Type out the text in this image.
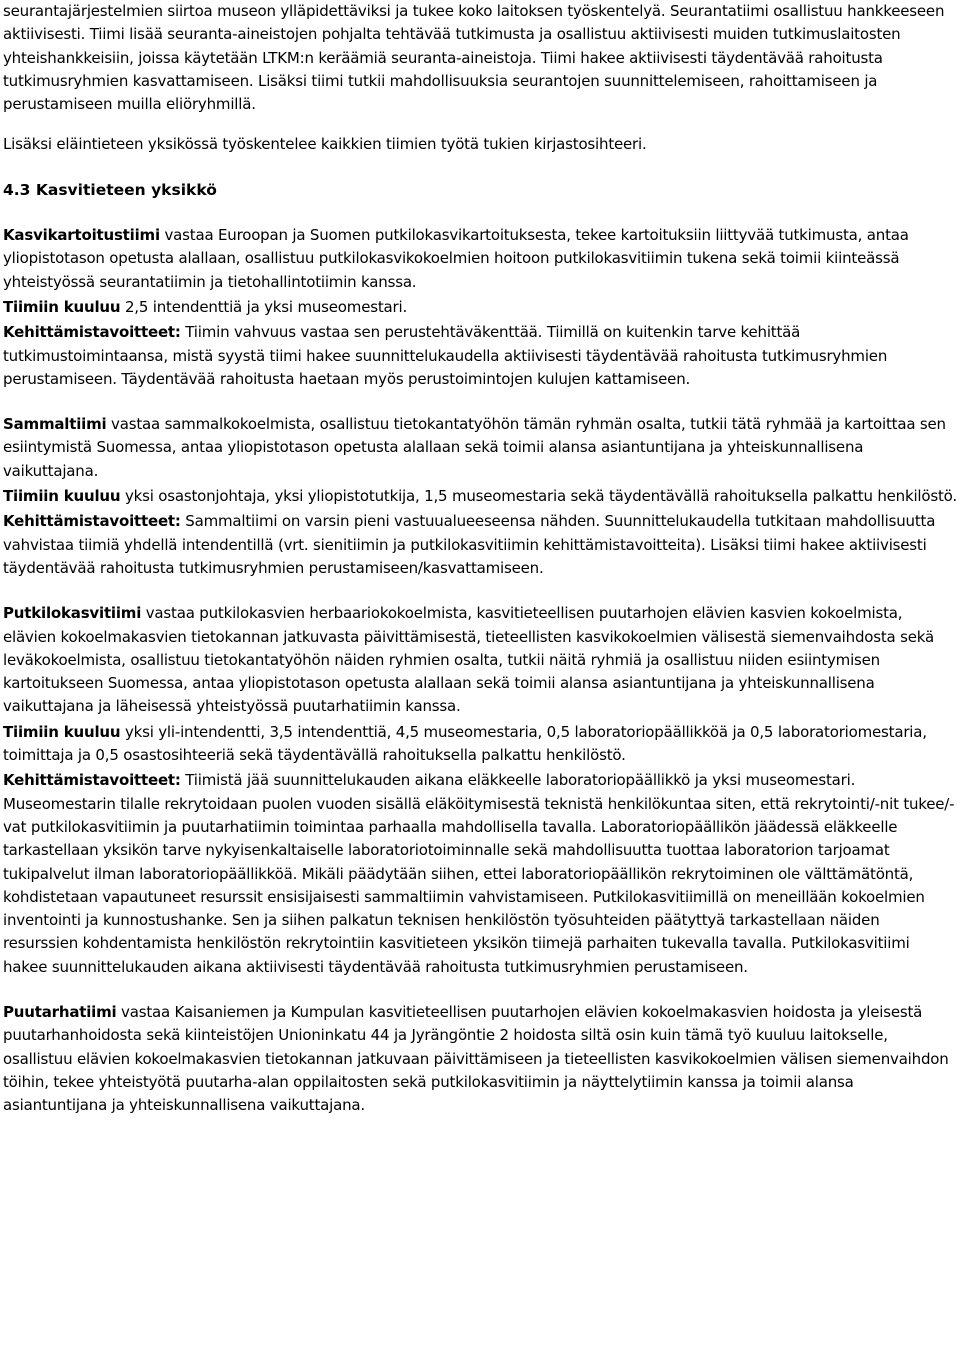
seurantajärjestelmien siirtoa museon ylläpidettäviksi ja tukee koko laitoksen työskentelyä. Seurantatiimi osallistuu hankkeeseen aktiivisesti. Tiimi lisää seuranta-aineistojen pohjalta tehtävää tutkimusta ja osallistuu aktiivisesti muiden tutkimuslaitosten yhteishankkeisiin, joissa käytetään LTKM:n keräämiä seuranta-aineistoja. Tiimi hakee aktiivisesti täydentävää rahoitusta tutkimusryhmien kasvattamiseen. Lisäksi tiimi tutkii mahdollisuuksia seurantojen suunnittelemiseen, rahoittamiseen ja perustamiseen muilla eliöryhmillä.

Lisäksi eläintieteen yksikössä työskentelee kaikkien tiimien työtä tukien kirjastosihteeri.

4.3 Kasvitieteen yksikkö

Kasvikartoitustiimi vastaa Euroopan ja Suomen putkilokasvikartoituksesta, tekee kartoituksiin liittyvää tutkimusta, antaa yliopistotason opetusta alallaan, osallistuu putkilokasvikokoelmien hoitoon putkilokasvitiimin tukena sekä toimii kiinteässä yhteistyössä seurantatiimin ja tietohallintotiimin kanssa.

Tiimiin kuuluu 2,5 intendenttiä ja yksi museomestari.

Kehittämistavoitteet: Tiimin vahvuus vastaa sen perustehtäväkenttää. Tiimillä on kuitenkin tarve kehittää tutkimustoimintaansa, mistä syystä tiimi hakee suunnittelukaudella aktiivisesti täydentävää rahoitusta tutkimusryhmien perustamiseen. Täydentävää rahoitusta haetaan myös perustoimintojen kulujen kattamiseen.

Sammaltiimi vastaa sammalkokoelmista, osallistuu tietokantatyöhön tämän ryhmän osalta, tutkii tätä ryhmää ja kartoittaa sen esiintymistä Suomessa, antaa yliopistotason opetusta alallaan sekä toimii alansa asiantuntijana ja yhteiskunnallisena vaikuttajana.

Tiimiin kuuluu yksi osastonjohtaja, yksi yliopistotutkija, 1,5 museomestaria sekä täydentävällä rahoituksella palkattu henkilöstö.

Kehittämistavoitteet: Sammaltiimi on varsin pieni vastuualueeseensa nähden. Suunnittelukaudella tutkitaan mahdollisuutta vahvistaa tiimiä yhdellä intendentillä (vrt. sienitiimin ja putkilokasvitiimin kehittämistavoitteita). Lisäksi tiimi hakee aktiivisesti täydentävää rahoitusta tutkimusryhmien perustamiseen/kasvattamiseen.

Putkilokasvitiimi vastaa putkilokasvien herbaariokokoelmista, kasvitieteellisen puutarhojen elävien kasvien kokoelmista, elävien kokoelmakasvien tietokannan jatkuvasta päivittämisestä, tieteellisten kasvikokoelmien välisestä siemenvaihdosta sekä leväkokoelmista, osallistuu tietokantatyöhön näiden ryhmien osalta, tutkii näitä ryhmiä ja osallistuu niiden esiintymisen kartoitukseen Suomessa, antaa yliopistotason opetusta alallaan sekä toimii alansa asiantuntijana ja yhteiskunnallisena vaikuttajana ja läheisessä yhteistyössä puutarhatiimin kanssa.

Tiimiin kuuluu yksi yli-intendentti, 3,5 intendenttiä, 4,5 museomestaria, 0,5 laboratoriopäällikköä ja 0,5 laboratoriomestaria, toimittaja ja 0,5 osastosihteeriä sekä täydentävällä rahoituksella palkattu henkilöstö.

Kehittämistavoitteet: Tiimistä jää suunnittelukauden aikana eläkkeelle laboratoriopäällikkö ja yksi museomestari. Museomestarin tilalle rekrytoidaan puolen vuoden sisällä eläköitymisestä teknistä henkilökuntaa siten, että rekrytointi/-nit tukee/-vat putkilokasvitiimin ja puutarhatiimin toimintaa parhaalla mahdollisella tavalla. Laboratoriopäällikön jäädessä eläkkeelle tarkastellaan yksikön tarve nykyisenkaltaiselle laboratoriotoiminnalle sekä mahdollisuutta tuottaa laboratorion tarjoamat tukipalvelut ilman laboratoriopäällikköä. Mikäli päädytään siihen, ettei laboratoriopäällikön rekrytoiminen ole välttämätöntä, kohdistetaan vapautuneet resurssit ensisijaisesti sammaltiimin vahvistamiseen. Putkilokasvitiimillä on meneillään kokoelmien inventointi ja kunnostushanke. Sen ja siihen palkatun teknisen henkilöstön työsuhteiden päätyttyä tarkastellaan näiden resurssien kohdentamista henkilöstön rekrytointiin kasvitieteen yksikön tiimejä parhaiten tukevalla tavalla. Putkilokasvitiimi hakee suunnittelukauden aikana aktiivisesti täydentävää rahoitusta tutkimusryhmien perustamiseen.

Puutarhatiimi vastaa Kaisaniemen ja Kumpulan kasvitieteellisen puutarhojen elävien kokoelmakasvien hoidosta ja yleisestä puutarhanhoidosta sekä kiinteistöjen Unioninkatu 44 ja Jyrängöntie 2 hoidosta siltä osin kuin tämä työ kuuluu laitokselle, osallistuu elävien kokoelmakasvien tietokannan jatkuvaan päivittämiseen ja tieteellisten kasvikokoelmien välisen siemenvaihdon töihin, tekee yhteistyötä puutarha-alan oppilaitosten sekä putkilokasvitiimin ja näyttelytiimin kanssa ja toimii alansa asiantuntijana ja yhteiskunnallisena vaikuttajana.
